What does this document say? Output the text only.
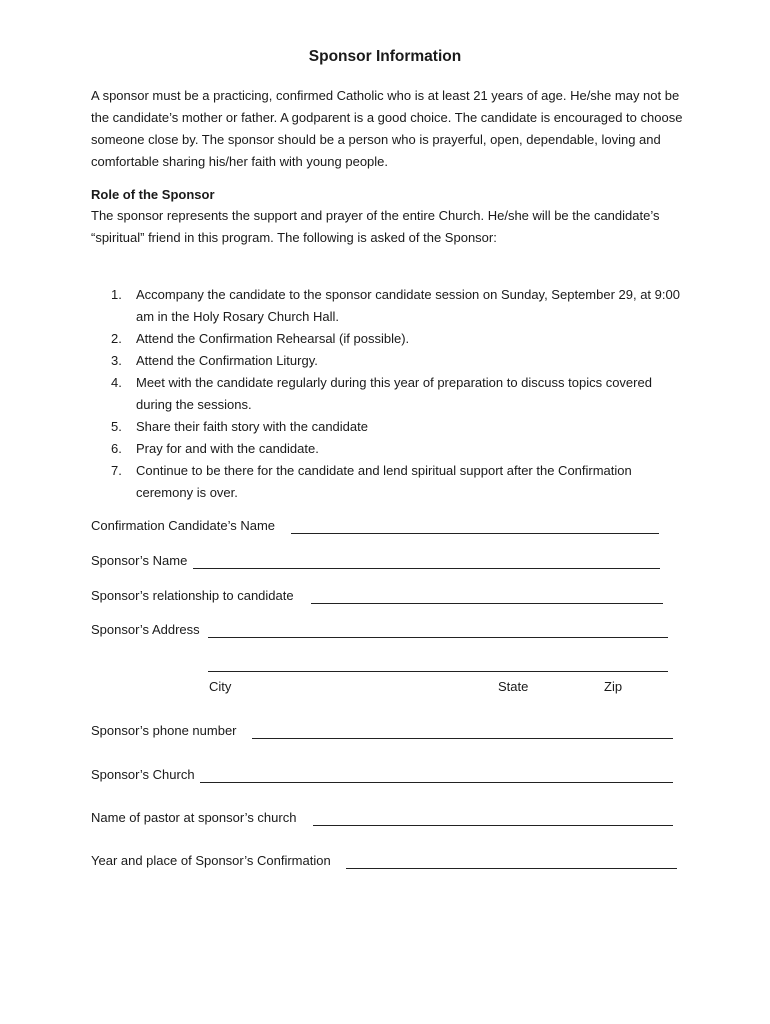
Sponsor Information

A sponsor must be a practicing, confirmed Catholic who is at least 21 years of age. He/she may not be the candidate’s mother or father. A godparent is a good choice. The candidate is encouraged to choose someone close by. The sponsor should be a person who is prayerful, open, dependable, loving and comfortable sharing his/her faith with young people.

Role of the Sponsor
The sponsor represents the support and prayer of the entire Church. He/she will be the candidate’s “spiritual” friend in this program. The following is asked of the Sponsor:
1. Accompany the candidate to the sponsor candidate session on Sunday, September 29, at 9:00 am in the Holy Rosary Church Hall.
2. Attend the Confirmation Rehearsal (if possible).
3. Attend the Confirmation Liturgy.
4. Meet with the candidate regularly during this year of preparation to discuss topics covered during the sessions.
5. Share their faith story with the candidate
6. Pray for and with the candidate.
7. Continue to be there for the candidate and lend spiritual support after the Confirmation ceremony is over.
Confirmation Candidate’s Name
Sponsor’s Name
Sponsor’s relationship to candidate
Sponsor’s Address
City	State	Zip
Sponsor’s phone number
Sponsor’s Church
Name of pastor at sponsor’s church
Year and place of Sponsor’s Confirmation
